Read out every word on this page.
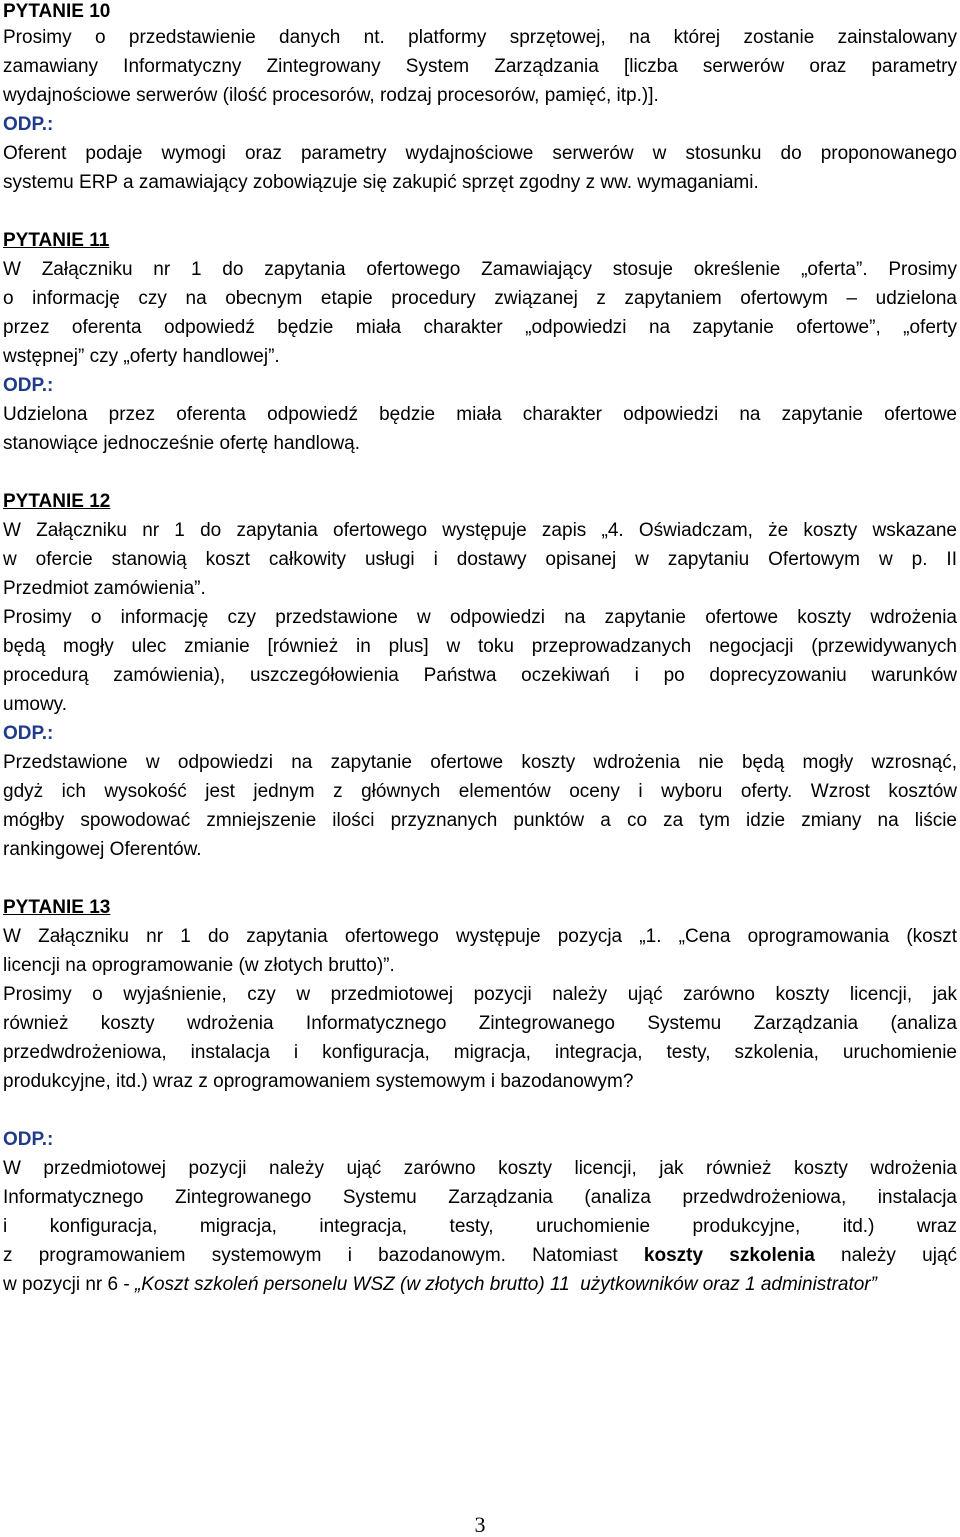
PYTANIE 10
Prosimy o przedstawienie danych nt. platformy sprzętowej, na której zostanie zainstalowany
zamawiany Informatyczny Zintegrowany System Zarządzania [liczba serwerów oraz parametry
wydajnościowe serwerów (ilość procesorów, rodzaj procesorów, pamięć, itp.)].
ODP.:
Oferent podaje wymogi oraz parametry wydajnościowe serwerów w stosunku do proponowanego
systemu ERP a zamawiający zobowiązuje się zakupić sprzęt zgodny z ww. wymaganiami.
PYTANIE 11
W Załączniku nr 1 do zapytania ofertowego Zamawiający stosuje określenie „oferta”. Prosimy
o informację czy na obecnym etapie procedury związanej z zapytaniem ofertowym – udzielona
przez oferenta odpowiedź będzie miała charakter „odpowiedzi na zapytanie ofertowe”, „oferty
wstępnej” czy „oferty handlowej”.
ODP.:
Udzielona przez oferenta odpowiedź będzie miała charakter odpowiedzi na zapytanie ofertowe
stanowiące jednocześnie ofertę handlową.
PYTANIE 12
W Załączniku nr 1 do zapytania ofertowego występuje zapis „4. Oświadczam, że koszty wskazane
w ofercie stanowią koszt całkowity usługi i dostawy opisanej w zapytaniu Ofertowym w p. II
Przedmiot zamówienia”.
Prosimy o informację czy przedstawione w odpowiedzi na zapytanie ofertowe koszty wdrożenia
będą mogły ulec zmianie [również in plus] w toku przeprowadzanych negocjacji (przewidywanych
procedurą zamówienia), uszczegółowienia Państwa oczekiwań i po doprecyzowaniu warunków
umowy.
ODP.:
Przedstawione w odpowiedzi na zapytanie ofertowe koszty wdrożenia nie będą mogły wzrosnąć,
gdyż ich wysokość jest jednym z głównych elementów oceny i wyboru oferty. Wzrost kosztów
mógłby spowodować zmniejszenie ilości przyznanych punktów a co za tym idzie zmiany na liście
rankingowej Oferentów.
PYTANIE 13
W Załączniku nr 1 do zapytania ofertowego występuje pozycja „1. „Cena oprogramowania (koszt
licencji na oprogramowanie (w złotych brutto)”.
Prosimy o wyjaśnienie, czy w przedmiotowej pozycji należy ująć zarówno koszty licencji, jak
również koszty wdrożenia Informatycznego Zintegrowanego Systemu Zarządzania (analiza
przedwdrożeniowa, instalacja i konfiguracja, migracja, integracja, testy, szkolenia, uruchomienie
produkcyjne, itd.) wraz z oprogramowaniem systemowym i bazodanowym?
ODP.:
W przedmiotowej pozycji należy ująć zarówno koszty licencji, jak również koszty wdrożenia
Informatycznego Zintegrowanego Systemu Zarządzania (analiza przedwdrożeniowa, instalacja
i konfiguracja, migracja, integracja, testy, uruchomienie produkcyjne, itd.) wraz
z programowaniem systemowym i bazodanowym. Natomiast koszty szkolenia należy ująć
w pozycji nr 6 - „Koszt szkoleń personelu WSZ (w złotych brutto) 11  użytkowników oraz 1 administrator”
3
